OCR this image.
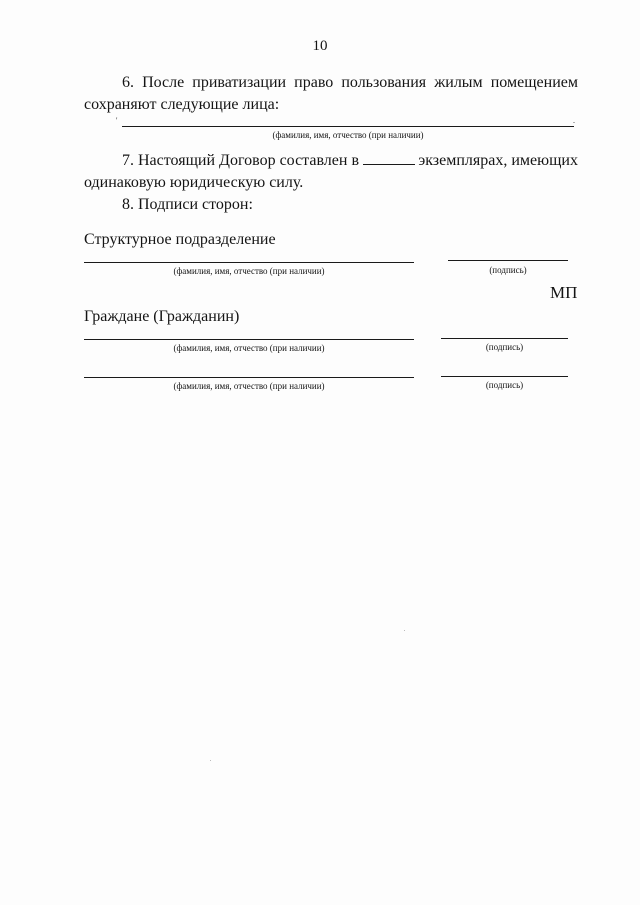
10
6. После приватизации право пользования жилым помещением
сохраняют следующие лица:
'	.
(фамилия, имя, отчество (при наличии)
7. Настоящий Договор составлен в	экземплярах, имеющих
одинаковую юридическую силу.
8. Подписи сторон:
Структурное подразделение
(фамилия, имя, отчество (при наличии)	(подпись)
МП
Граждане (Гражданин)
(фамилия, имя, отчество (при наличии)	(подпись)
(фамилия, имя, отчество (при наличии)	(подпись)
